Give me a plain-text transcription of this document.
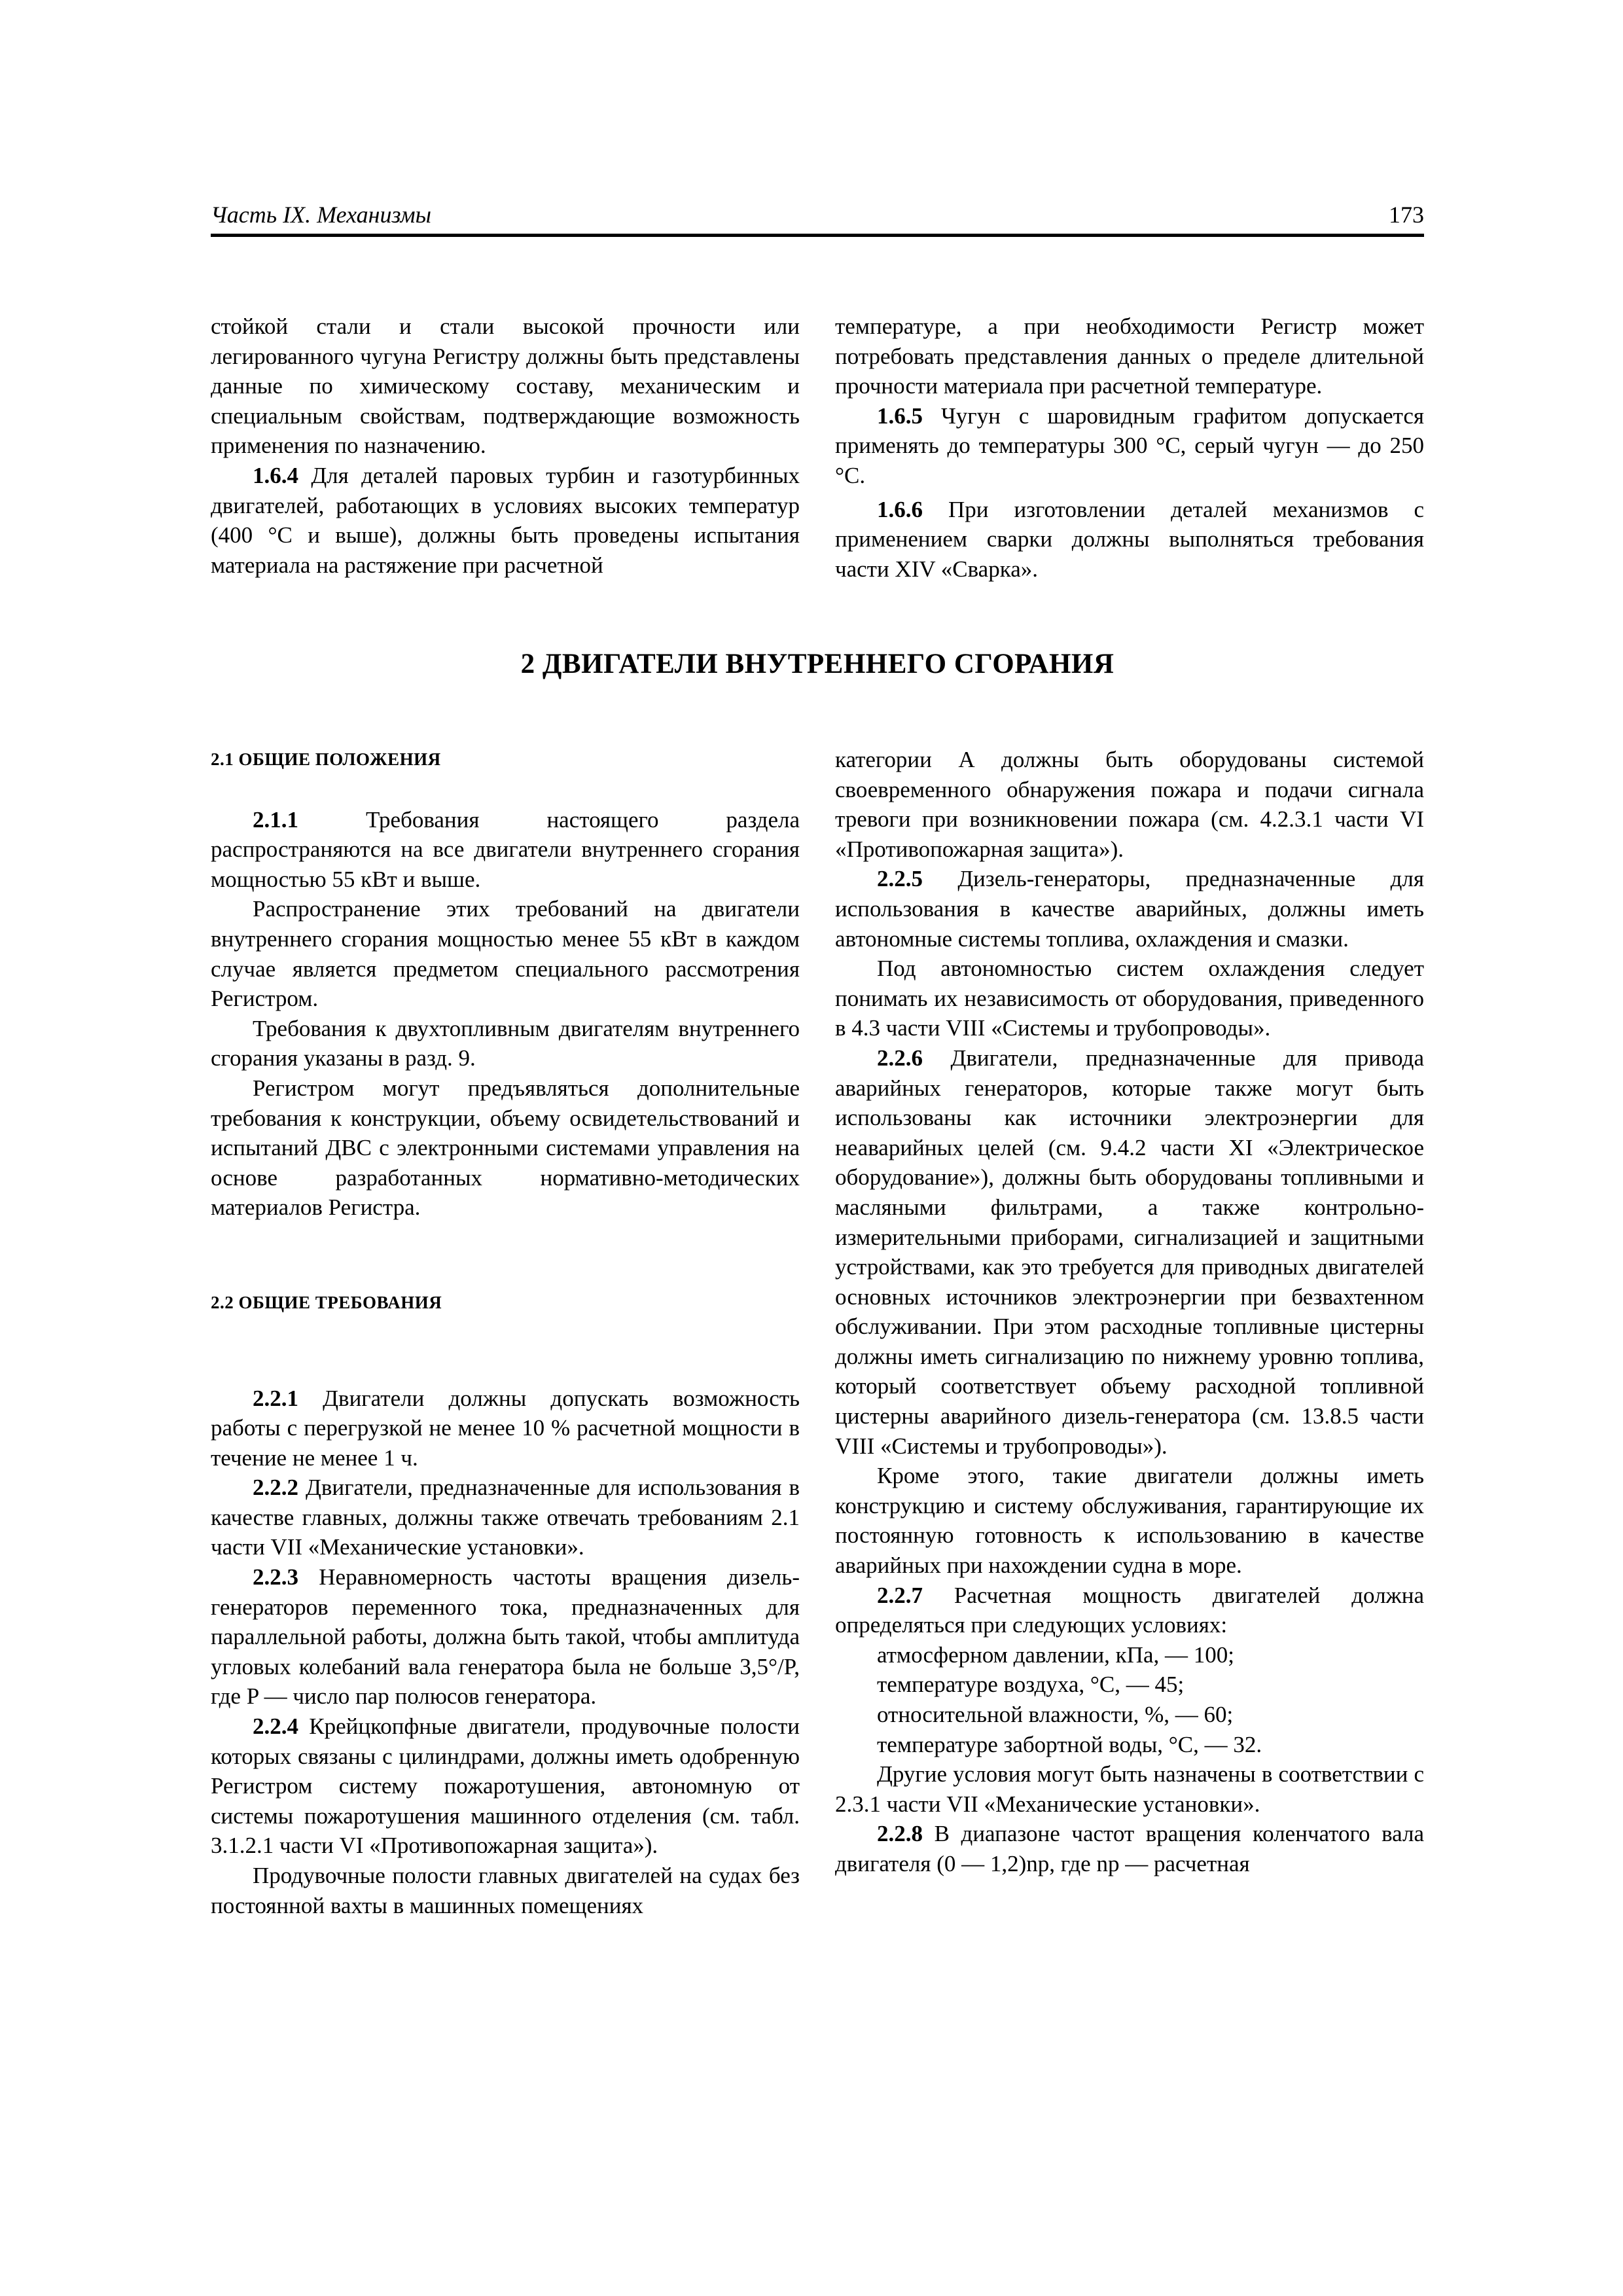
Часть IX. Механизмы	173

стойкой стали и стали высокой прочности или легированного чугуна Регистру должны быть представлены данные по химическому составу, механическим и специальным свойствам, подтверждающие возможность применения по назначению.

1.6.4 Для деталей паровых турбин и газотурбинных двигателей, работающих в условиях высоких температур (400 °С и выше), должны быть проведены испытания материала на растяжение при расчетной

температуре, а при необходимости Регистр может потребовать представления данных о пределе длительной прочности материала при расчетной температуре.

1.6.5 Чугун с шаровидным графитом допускается применять до температуры 300 °С, серый чугун — до 250 °С.

1.6.6 При изготовлении деталей механизмов с применением сварки должны выполняться требования части XIV «Сварка».

2 ДВИГАТЕЛИ ВНУТРЕННЕГО СГОРАНИЯ

2.1 ОБЩИЕ ПОЛОЖЕНИЯ

2.1.1 Требования настоящего раздела распространяются на все двигатели внутреннего сгорания мощностью 55 кВт и выше.

Распространение этих требований на двигатели внутреннего сгорания мощностью менее 55 кВт в каждом случае является предметом специального рассмотрения Регистром.

Требования к двухтопливным двигателям внутреннего сгорания указаны в разд. 9.

Регистром могут предъявляться дополнительные требования к конструкции, объему освидетельствований и испытаний ДВС с электронными системами управления на основе разработанных нормативно-методических материалов Регистра.

2.2 ОБЩИЕ ТРЕБОВАНИЯ

2.2.1 Двигатели должны допускать возможность работы с перегрузкой не менее 10 % расчетной мощности в течение не менее 1 ч.

2.2.2 Двигатели, предназначенные для использования в качестве главных, должны также отвечать требованиям 2.1 части VII «Механические установки».

2.2.3 Неравномерность частоты вращения дизель-генераторов переменного тока, предназначенных для параллельной работы, должна быть такой, чтобы амплитуда угловых колебаний вала генератора была не больше 3,5°/P, где P — число пар полюсов генератора.

2.2.4 Крейцкопфные двигатели, продувочные полости которых связаны с цилиндрами, должны иметь одобренную Регистром систему пожаротушения, автономную от системы пожаротушения машинного отделения (см. табл. 3.1.2.1 части VI «Противопожарная защита»).

Продувочные полости главных двигателей на судах без постоянной вахты в машинных помещениях

категории А должны быть оборудованы системой своевременного обнаружения пожара и подачи сигнала тревоги при возникновении пожара (см. 4.2.3.1 части VI «Противопожарная защита»).

2.2.5 Дизель-генераторы, предназначенные для использования в качестве аварийных, должны иметь автономные системы топлива, охлаждения и смазки.

Под автономностью систем охлаждения следует понимать их независимость от оборудования, приведенного в 4.3 части VIII «Системы и трубопроводы».

2.2.6 Двигатели, предназначенные для привода аварийных генераторов, которые также могут быть использованы как источники электроэнергии для неаварийных целей (см. 9.4.2 части XI «Электрическое оборудование»), должны быть оборудованы топливными и масляными фильтрами, а также контрольно-измерительными приборами, сигнализацией и защитными устройствами, как это требуется для приводных двигателей основных источников электроэнергии при безвахтенном обслуживании. При этом расходные топливные цистерны должны иметь сигнализацию по нижнему уровню топлива, который соответствует объему расходной топливной цистерны аварийного дизель-генератора (см. 13.8.5 части VIII «Системы и трубопроводы»).

Кроме этого, такие двигатели должны иметь конструкцию и систему обслуживания, гарантирующие их постоянную готовность к использованию в качестве аварийных при нахождении судна в море.

2.2.7 Расчетная мощность двигателей должна определяться при следующих условиях:

атмосферном давлении, кПа, — 100;

температуре воздуха, °С, — 45;

относительной влажности, %, — 60;

температуре забортной воды, °С, — 32.

Другие условия могут быть назначены в соответствии с 2.3.1 части VII «Механические установки».

2.2.8 В диапазоне частот вращения коленчатого вала двигателя (0 — 1,2)nр, где nр — расчетная
